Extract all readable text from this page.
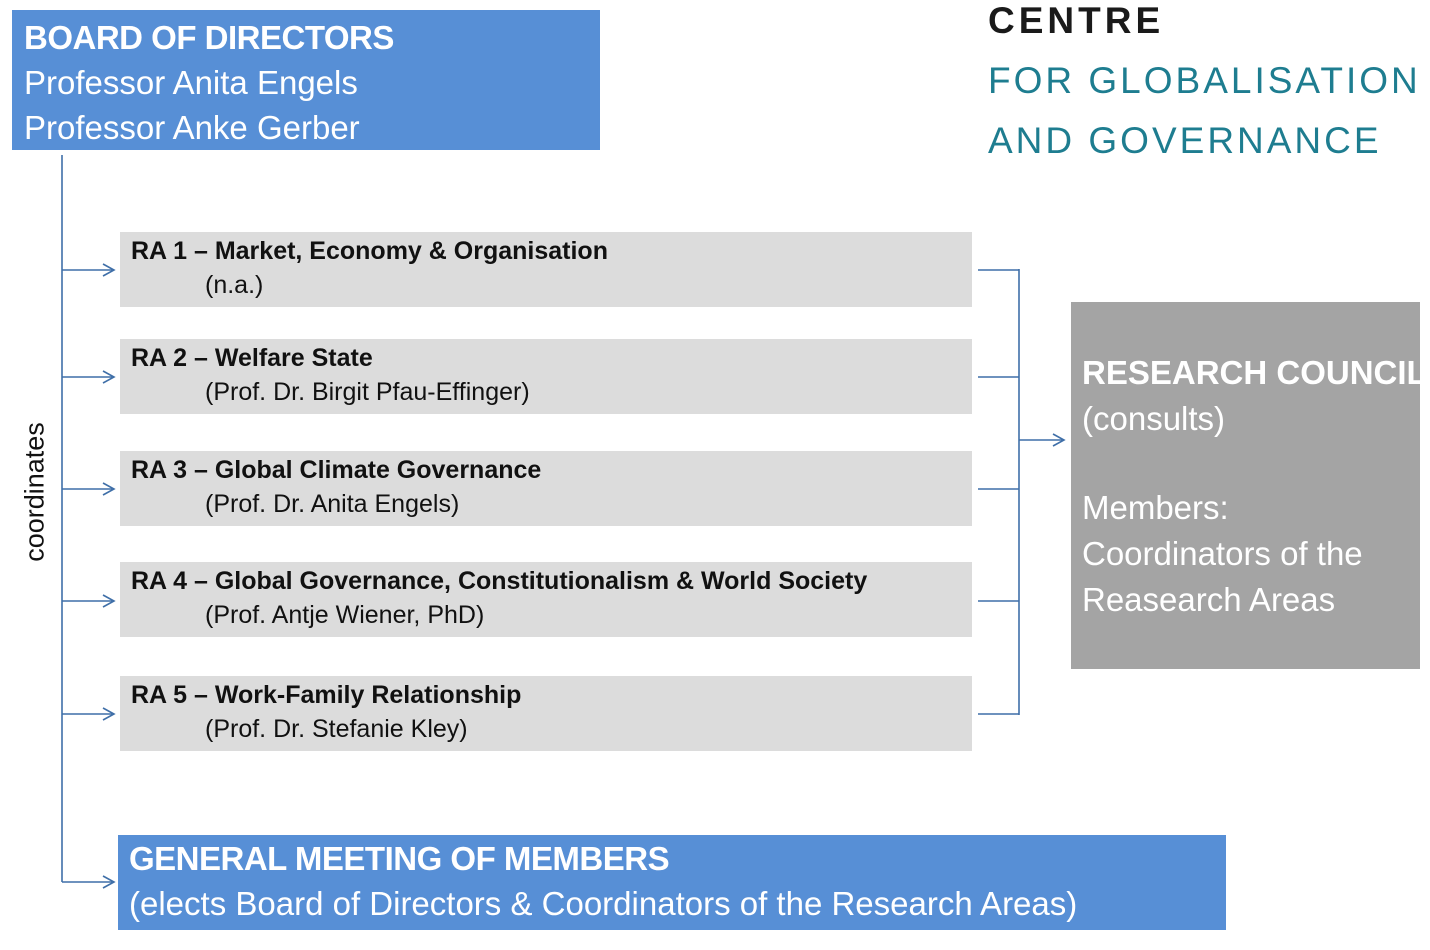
BOARD OF DIRECTORS
Professor Anita Engels
Professor Anke Gerber
CENTRE
FOR GLOBALISATION
AND GOVERNANCE
coordinates
RA 1 – Market, Economy & Organisation
(n.a.)
RA 2 – Welfare State
(Prof. Dr. Birgit Pfau-Effinger)
RA 3 – Global Climate Governance
(Prof. Dr. Anita Engels)
RA 4 – Global Governance, Constitutionalism & World Society
(Prof. Antje Wiener, PhD)
RA 5 – Work-Family Relationship
(Prof. Dr. Stefanie Kley)
RESEARCH COUNCIL
(consults)
Members:
Coordinators of the
Reasearch Areas
GENERAL MEETING OF MEMBERS
(elects Board of Directors & Coordinators of the Research Areas)
